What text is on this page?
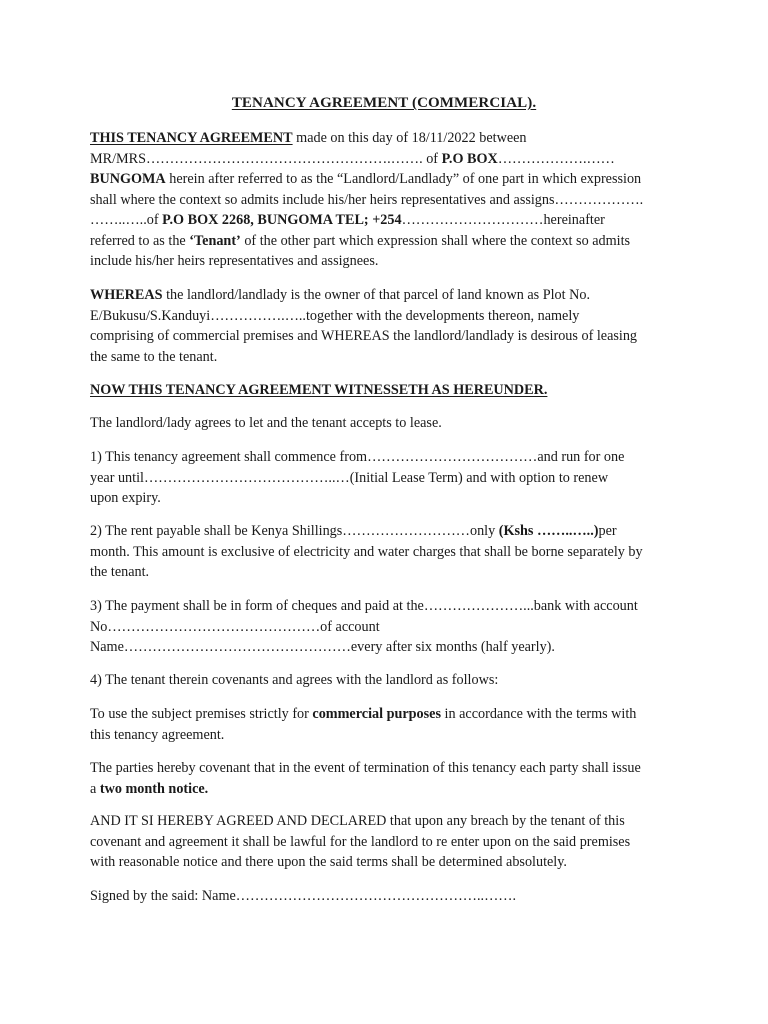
TENANCY AGREEMENT (COMMERCIAL).
THIS TENANCY AGREEMENT made on this day of 18/11/2022 between
MR/MRS…………………………………………….……. of P.O BOX……………….……
BUNGOMA herein after referred to as the “Landlord/Landlady” of one part in which expression
shall where the context so admits include his/her heirs representatives and assigns……………….
……..…..of P.O BOX 2268, BUNGOMA TEL; +254…………………………hereinafter
referred to as the ‘Tenant’ of the other part which expression shall where the context so admits
include his/her heirs representatives and assignees.
WHEREAS the landlord/landlady is the owner of that parcel of land known as Plot No.
E/Bukusu/S.Kanduyi…………….…..together with the developments thereon, namely
comprising of commercial premises and WHEREAS the landlord/landlady is desirous of leasing
the same to the tenant.
NOW THIS TENANCY AGREEMENT WITNESSETH AS HEREUNDER.
The landlord/lady agrees to let and the tenant accepts to lease.
1) This tenancy agreement shall commence from………………………………and run for one
year until…………………………………..…(Initial Lease Term) and with option to renew
upon expiry.
2) The rent payable shall be Kenya Shillings………………………only (Kshs ……..…..)per
month. This amount is exclusive of electricity and water charges that shall be borne separately by
the tenant.
3) The payment shall be in form of cheques and paid at the…………………...bank with account
No………………………………………of account
Name…………………………………………every after six months (half yearly).
4) The tenant therein covenants and agrees with the landlord as follows:
To use the subject premises strictly for commercial purposes in accordance with the terms with
this tenancy agreement.
The parties hereby covenant that in the event of termination of this tenancy each party shall issue
a two month notice.
AND IT SI HEREBY AGREED AND DECLARED that upon any breach by the tenant of this
covenant and agreement it shall be lawful for the landlord to re enter upon on the said premises
with reasonable notice and there upon the said terms shall be determined absolutely.
Signed by the said: Name……………………………………………..…….
